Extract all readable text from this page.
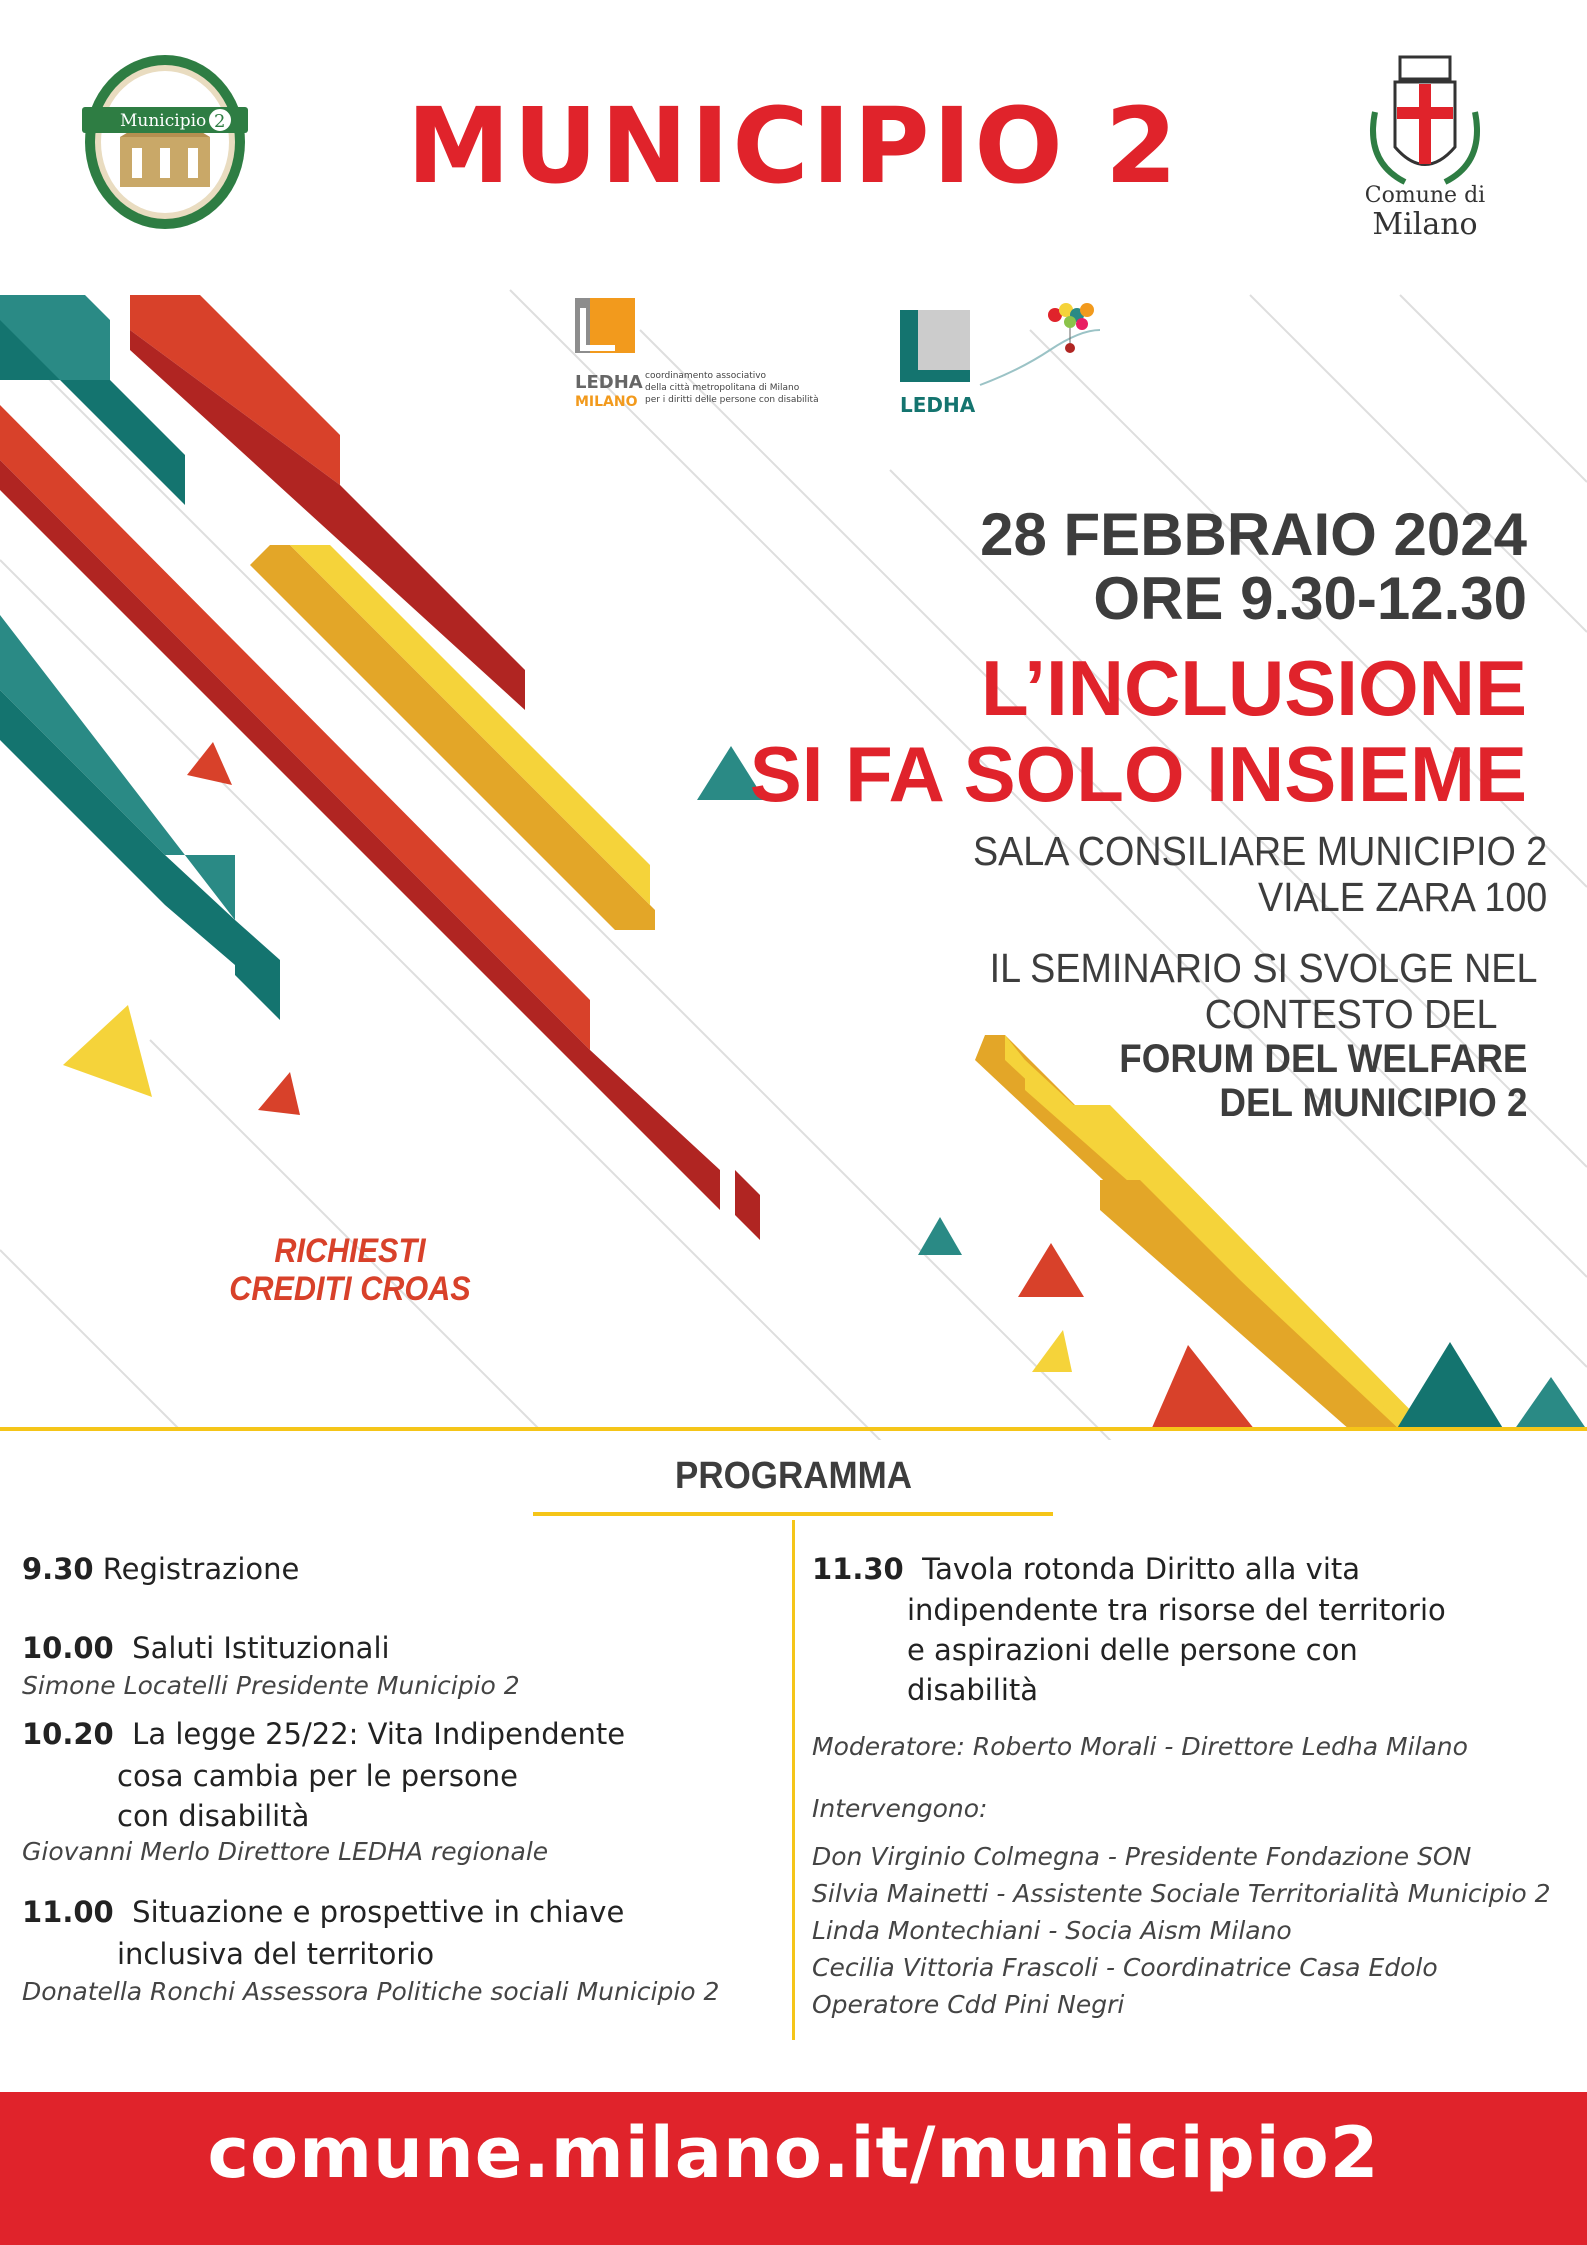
Municipio 2	MUNICIPIO 2	Comune di
Milano
LEDHA
MILANO
coordinamento associativo
della città metropolitana di Milano
per i diritti delle persone con disabilità	LEDHA
28 FEBBRAIO 2024
ORE 9.30-12.30
L’INCLUSIONE
SI FA SOLO INSIEME
SALA CONSILIARE MUNICIPIO 2
VIALE ZARA 100
IL SEMINARIO SI SVOLGE NEL
CONTESTO DEL
FORUM DEL WELFARE
DEL MUNICIPIO 2
RICHIESTI
CREDITI CROAS
PROGRAMMA
9.30 Registrazione
10.00 Saluti Istituzionali
Simone Locatelli Presidente Municipio 2
10.20 La legge 25/22: Vita Indipendente
cosa cambia per le persone
con disabilità
Giovanni Merlo Direttore LEDHA regionale
11.00 Situazione e prospettive in chiave
inclusiva del territorio
Donatella Ronchi Assessora Politiche sociali Municipio 2
11.30 Tavola rotonda Diritto alla vita
indipendente tra risorse del territorio
e aspirazioni delle persone con
disabilità
Moderatore: Roberto Morali - Direttore Ledha Milano
Intervengono:
Don Virginio Colmegna - Presidente Fondazione SON
Silvia Mainetti - Assistente Sociale Territorialità Municipio 2
Linda Montechiani - Socia Aism Milano
Cecilia Vittoria Frascoli - Coordinatrice Casa Edolo
Operatore Cdd Pini Negri
comune.milano.it/municipio2
